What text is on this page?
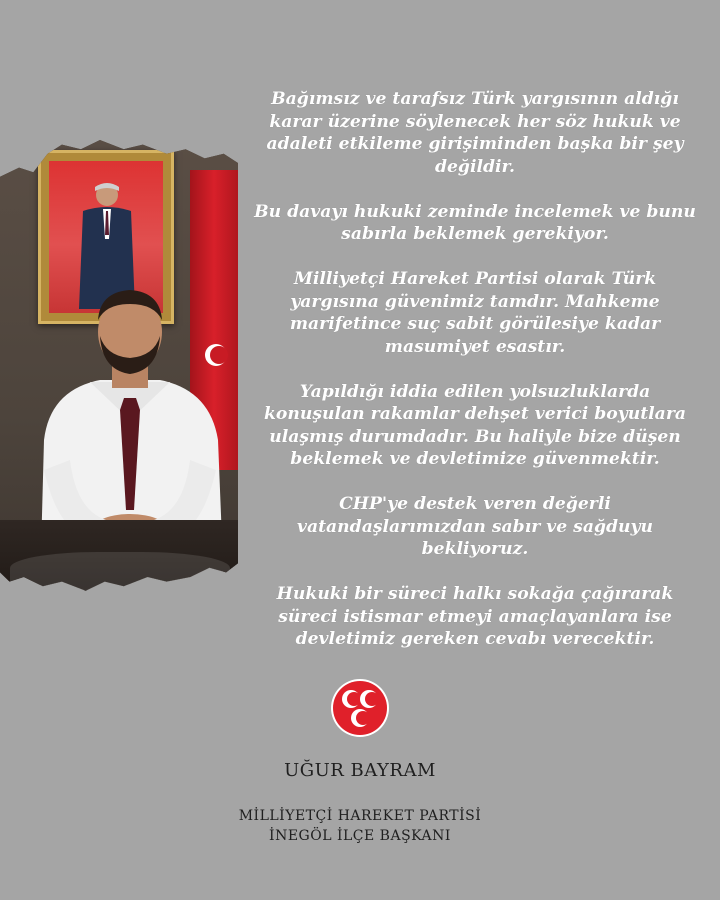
Bağımsız ve tarafsız Türk yargısının aldığı
karar üzerine söylenecek her söz hukuk ve
adaleti etkileme girişiminden başka bir şey
değildir.

Bu davayı hukuki zeminde incelemek ve bunu
sabırla beklemek gerekiyor.

Milliyetçi Hareket Partisi olarak Türk
yargısına güvenimiz tamdır. Mahkeme
marifetince suç sabit görülesiye kadar
masumiyet esastır.

Yapıldığı iddia edilen yolsuzluklarda
konuşulan rakamlar dehşet verici boyutlara
ulaşmış durumdadır. Bu haliyle bize düşen
beklemek ve devletimize güvenmektir.

CHP'ye destek veren değerli
vatandaşlarımızdan sabır ve sağduyu
bekliyoruz.

Hukuki bir süreci halkı sokağa çağırarak
süreci istismar etmeyi amaçlayanlara ise
devletimiz gereken cevabı verecektir.

UĞUR BAYRAM
MİLLİYETÇİ HAREKET PARTİSİ
İNEGÖL İLÇE BAŞKANI
